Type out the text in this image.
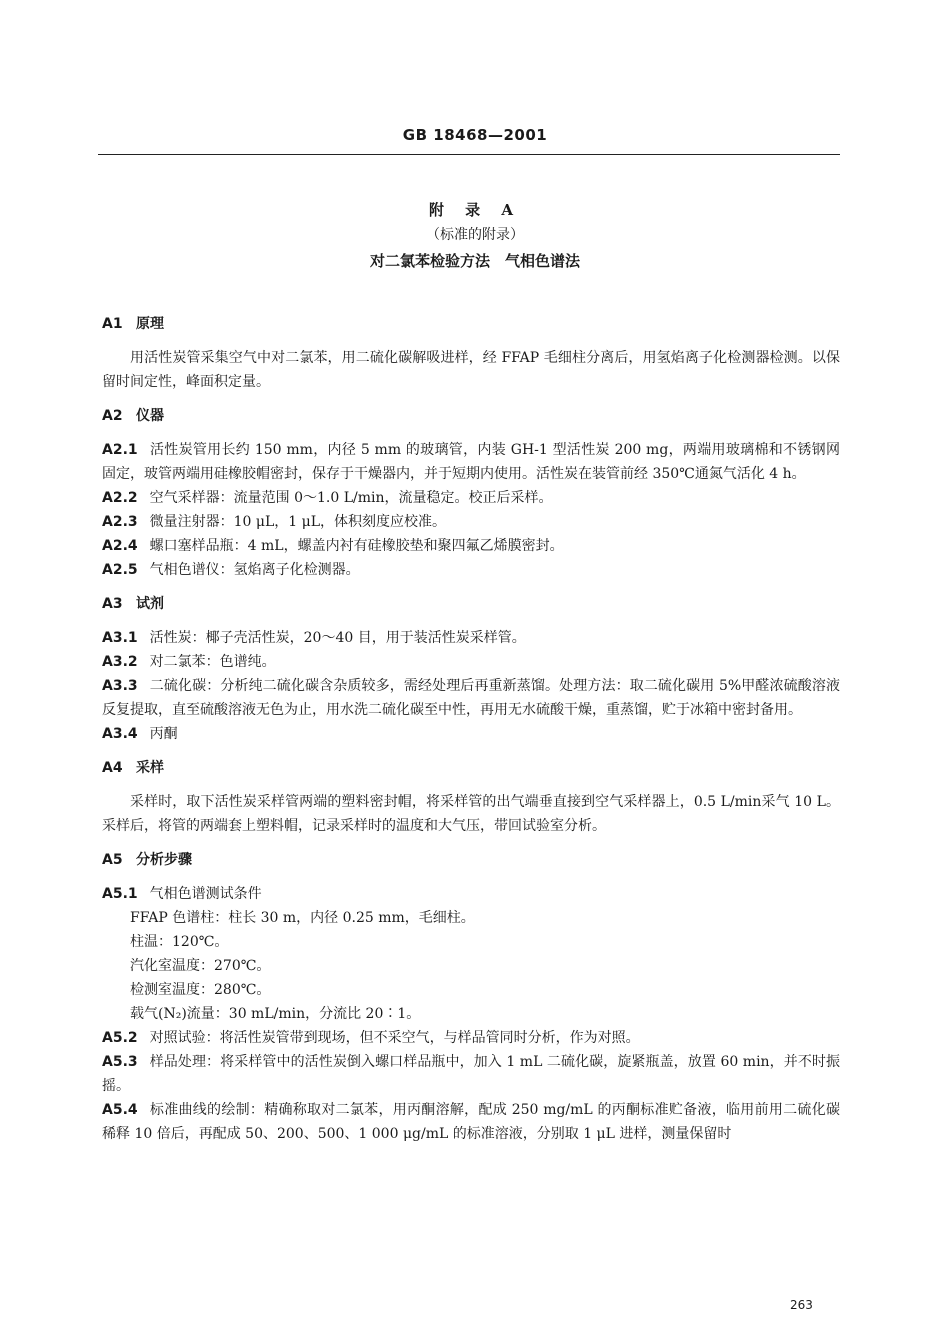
GB 18468—2001
附 录 A
（标准的附录）
对二氯苯检验方法　气相色谱法
A1 原理
用活性炭管采集空气中对二氯苯，用二硫化碳解吸进样，经 FFAP 毛细柱分离后，用氢焰离子化检测器检测。以保留时间定性，峰面积定量。
A2 仪器
A2.1 活性炭管用长约 150 mm，内径 5 mm 的玻璃管，内装 GH-1 型活性炭 200 mg，两端用玻璃棉和不锈钢网固定，玻管两端用硅橡胶帽密封，保存于干燥器内，并于短期内使用。活性炭在装管前经 350℃通氮气活化 4 h。
A2.2 空气采样器：流量范围 0～1.0 L/min，流量稳定。校正后采样。
A2.3 微量注射器：10 μL，1 μL，体积刻度应校准。
A2.4 螺口塞样品瓶：4 mL，螺盖内衬有硅橡胶垫和聚四氟乙烯膜密封。
A2.5 气相色谱仪：氢焰离子化检测器。
A3 试剂
A3.1 活性炭：椰子壳活性炭，20～40 目，用于装活性炭采样管。
A3.2 对二氯苯：色谱纯。
A3.3 二硫化碳：分析纯二硫化碳含杂质较多，需经处理后再重新蒸馏。处理方法：取二硫化碳用 5%甲醛浓硫酸溶液反复提取，直至硫酸溶液无色为止，用水洗二硫化碳至中性，再用无水硫酸干燥，重蒸馏，贮于冰箱中密封备用。
A3.4 丙酮
A4 采样
采样时，取下活性炭采样管两端的塑料密封帽，将采样管的出气端垂直接到空气采样器上，0.5 L/min采气 10 L。采样后，将管的两端套上塑料帽，记录采样时的温度和大气压，带回试验室分析。
A5 分析步骤
A5.1 气相色谱测试条件
FFAP 色谱柱：柱长 30 m，内径 0.25 mm，毛细柱。
柱温：120℃。
汽化室温度：270℃。
检测室温度：280℃。
载气(N₂)流量：30 mL/min，分流比 20∶1。
A5.2 对照试验：将活性炭管带到现场，但不采空气，与样品管同时分析，作为对照。
A5.3 样品处理：将采样管中的活性炭倒入螺口样品瓶中，加入 1 mL 二硫化碳，旋紧瓶盖，放置 60 min，并不时振摇。
A5.4 标准曲线的绘制：精确称取对二氯苯，用丙酮溶解，配成 250 mg/mL 的丙酮标准贮备液，临用前用二硫化碳稀释 10 倍后，再配成 50、200、500、1 000 μg/mL 的标准溶液，分别取 1 μL 进样，测量保留时
263
